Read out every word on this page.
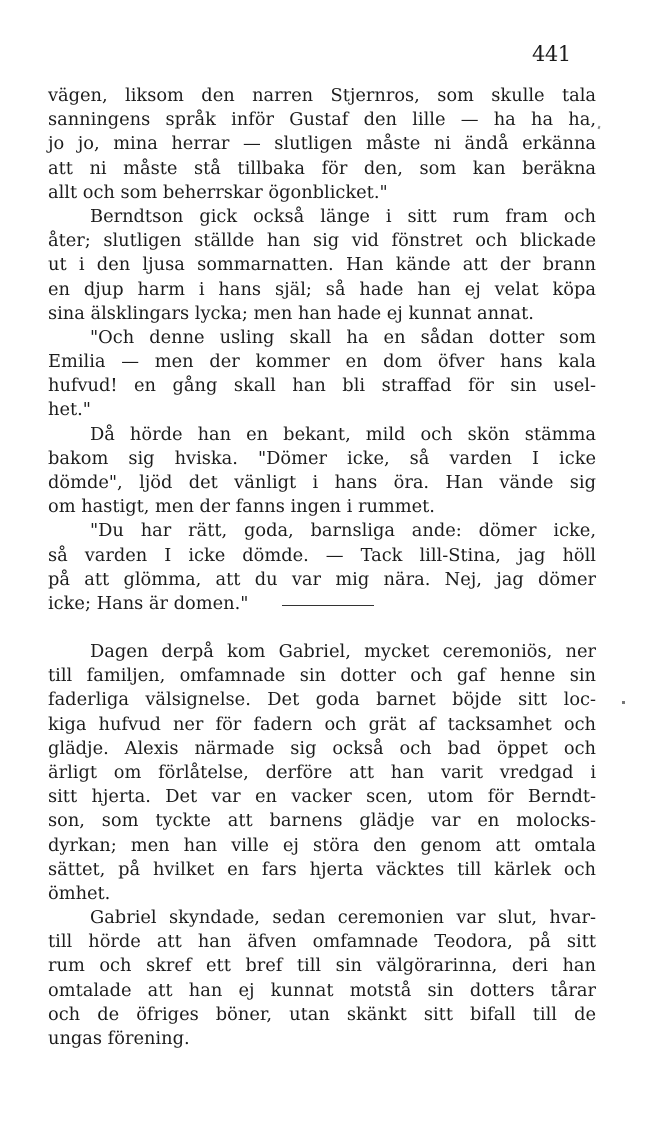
441
vägen, liksom den narren Stjernros, som skulle tala
sanningens språk inför Gustaf den lille — ha ha ha,
jo jo, mina herrar — slutligen måste ni ändå erkänna
att ni måste stå tillbaka för den, som kan beräkna
allt och som beherrskar ögonblicket."
Berndtson gick också länge i sitt rum fram och
åter; slutligen ställde han sig vid fönstret och blickade
ut i den ljusa sommarnatten. Han kände att der brann
en djup harm i hans själ; så hade han ej velat köpa
sina älsklingars lycka; men han hade ej kunnat annat.
"Och denne usling skall ha en sådan dotter som
Emilia — men der kommer en dom öfver hans kala
hufvud! en gång skall han bli straffad för sin usel-
het."
Då hörde han en bekant, mild och skön stämma
bakom sig hviska. "Dömer icke, så varden I icke
dömde", ljöd det vänligt i hans öra. Han vände sig
om hastigt, men der fanns ingen i rummet.
"Du har rätt, goda, barnsliga ande: dömer icke,
så varden I icke dömde. — Tack lill-Stina, jag höll
på att glömma, att du var mig nära. Nej, jag dömer
icke; Hans är domen."
Dagen derpå kom Gabriel, mycket ceremoniös, ner
till familjen, omfamnade sin dotter och gaf henne sin
faderliga välsignelse. Det goda barnet böjde sitt loc-
kiga hufvud ner för fadern och grät af tacksamhet och
glädje. Alexis närmade sig också och bad öppet och
ärligt om förlåtelse, derföre att han varit vredgad i
sitt hjerta. Det var en vacker scen, utom för Berndt-
son, som tyckte att barnens glädje var en molocks-
dyrkan; men han ville ej störa den genom att omtala
sättet, på hvilket en fars hjerta väcktes till kärlek och
ömhet.
Gabriel skyndade, sedan ceremonien var slut, hvar-
till hörde att han äfven omfamnade Teodora, på sitt
rum och skref ett bref till sin välgörarinna, deri han
omtalade att han ej kunnat motstå sin dotters tårar
och de öfriges böner, utan skänkt sitt bifall till de
ungas förening.
